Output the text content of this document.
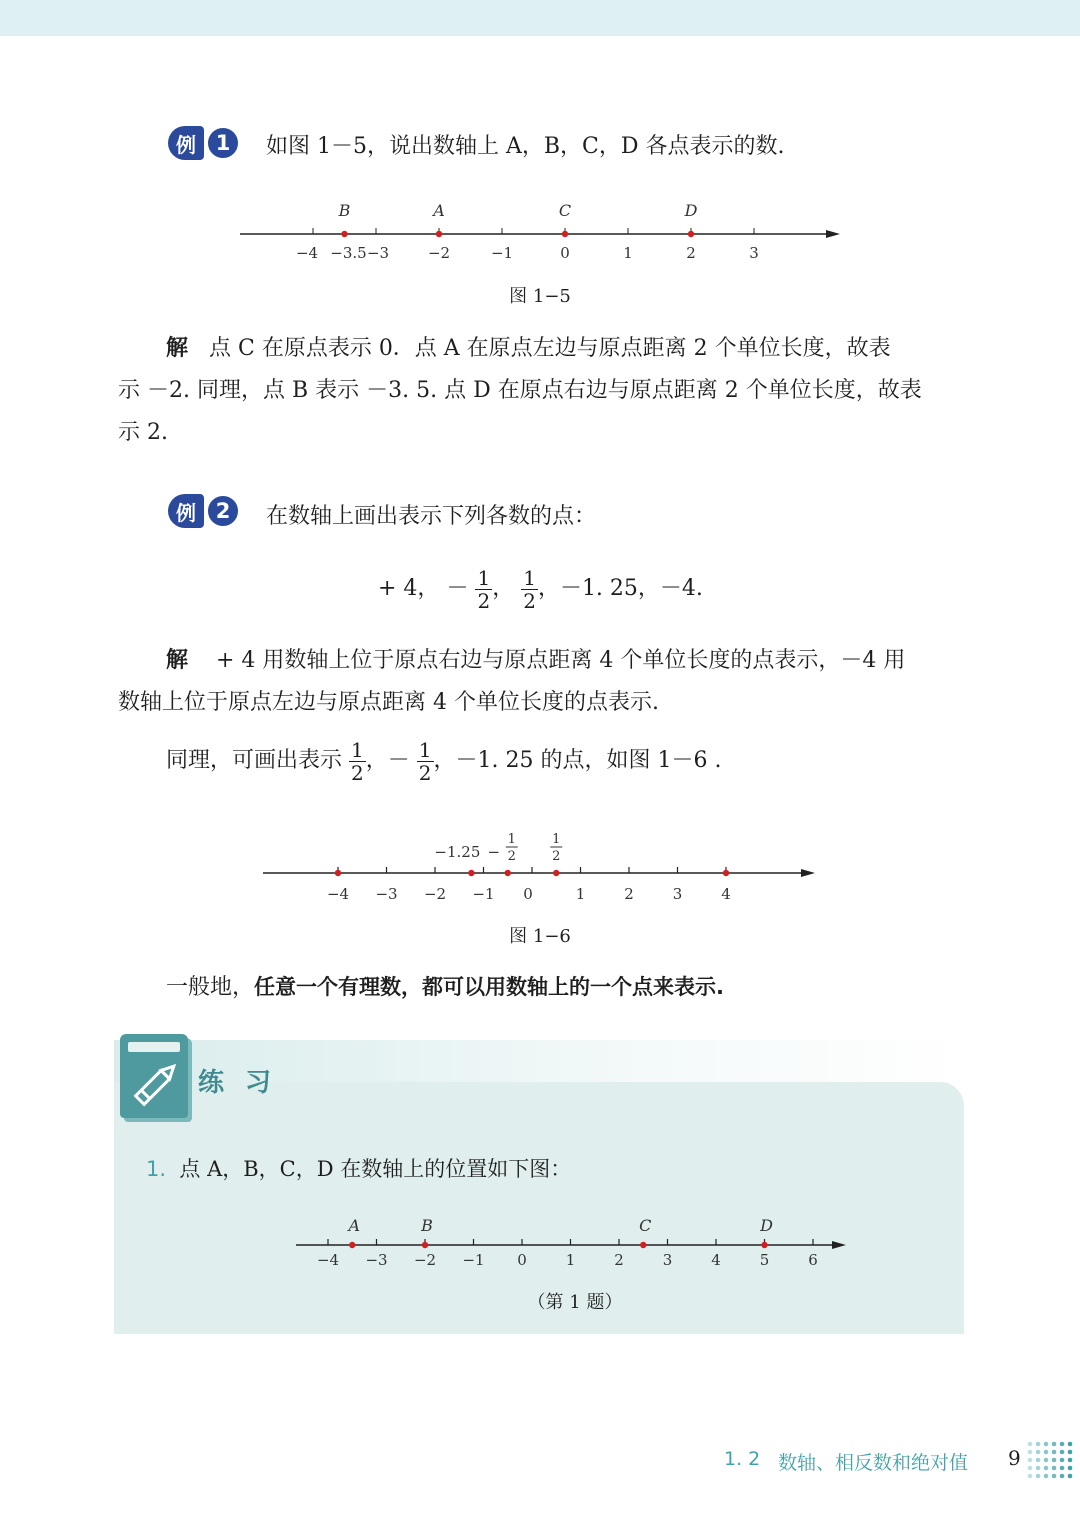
例 1	如图 1－5，说出数轴上 A，B，C，D 各点表示的数.
−4 −3.5 −3	−2	−1	0	1	2	3
B	A	C	D
图 1−5
解 点 C 在原点表示 0．点 A 在原点左边与原点距离 2 个单位长度，故表
示 －2. 同理，点 B 表示 －3. 5. 点 D 在原点右边与原点距离 2 个单位长度，故表
示 2.
例 2	在数轴上画出表示下列各数的点：
+ 4， － $\frac{1}{2}$ ， $\frac{1}{2}$ ，－1. 25，－4.
解 + 4 用数轴上位于原点右边与原点距离 4 个单位长度的点表示，－4 用
数轴上位于原点左边与原点距离 4 个单位长度的点表示.
同理，可画出表示 $\frac{1}{2}$ ，－ $\frac{1}{2}$ ，－1. 25 的点，如图 1－6 .
−4 −3 −2 −1 0	1	2	3	4
−1.25 −
1
2
1
2
图 1−6
一般地，任意一个有理数，都可以用数轴上的一个点来表示.
练 习
1. 点 A，B，C，D 在数轴上的位置如下图：
−4 −3 −2 −1 0	1	2	3	4	5	6
A	B	C	D
（第 1 题）
1. 2 数轴、相反数和绝对值 9
